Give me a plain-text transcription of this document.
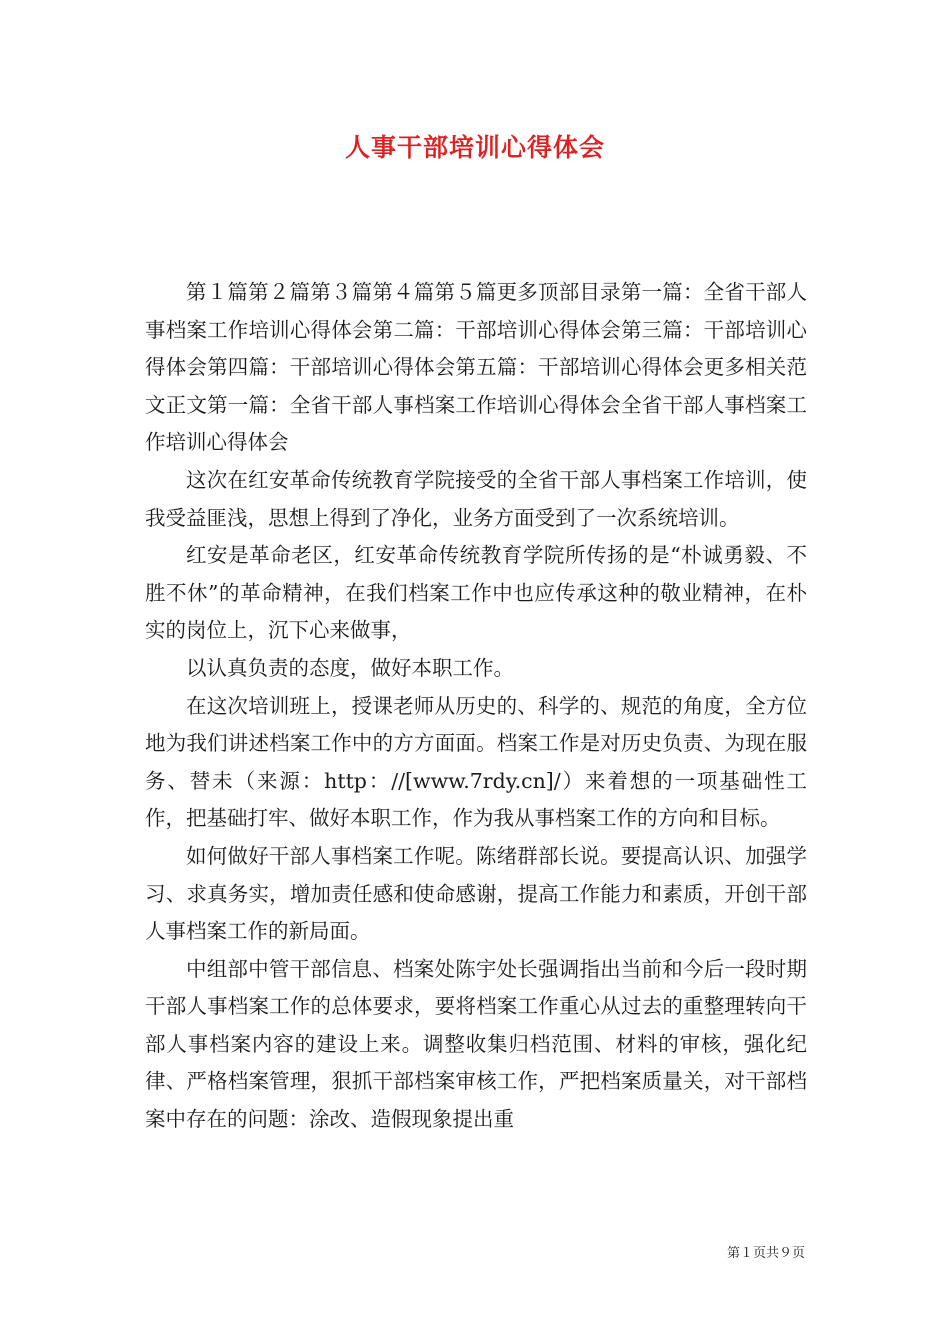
人事干部培训心得体会

第１篇第２篇第３篇第４篇第５篇更多顶部目录第一篇：全省干部人事档案工作培训心得体会第二篇：干部培训心得体会第三篇：干部培训心得体会第四篇：干部培训心得体会第五篇：干部培训心得体会更多相关范文正文第一篇：全省干部人事档案工作培训心得体会全省干部人事档案工作培训心得体会

这次在红安革命传统教育学院接受的全省干部人事档案工作培训，使我受益匪浅，思想上得到了净化，业务方面受到了一次系统培训。

红安是革命老区，红安革命传统教育学院所传扬的是“朴诚勇毅、不胜不休”的革命精神，在我们档案工作中也应传承这种的敬业精神，在朴实的岗位上，沉下心来做事，

以认真负责的态度，做好本职工作。

在这次培训班上，授课老师从历史的、科学的、规范的角度，全方位地为我们讲述档案工作中的方方面面。档案工作是对历史负责、为现在服务、替未（来源：http：//[www.7rdy.cn]/）来着想的一项基础性工作，把基础打牢、做好本职工作，作为我从事档案工作的方向和目标。

如何做好干部人事档案工作呢。陈绪群部长说。要提高认识、加强学习、求真务实，增加责任感和使命感谢，提高工作能力和素质，开创干部人事档案工作的新局面。

中组部中管干部信息、档案处陈宇处长强调指出当前和今后一段时期干部人事档案工作的总体要求，要将档案工作重心从过去的重整理转向干部人事档案内容的建设上来。调整收集归档范围、材料的审核，强化纪律、严格档案管理，狠抓干部档案审核工作，严把档案质量关，对干部档案中存在的问题：涂改、造假现象提出重

第１页共９页
